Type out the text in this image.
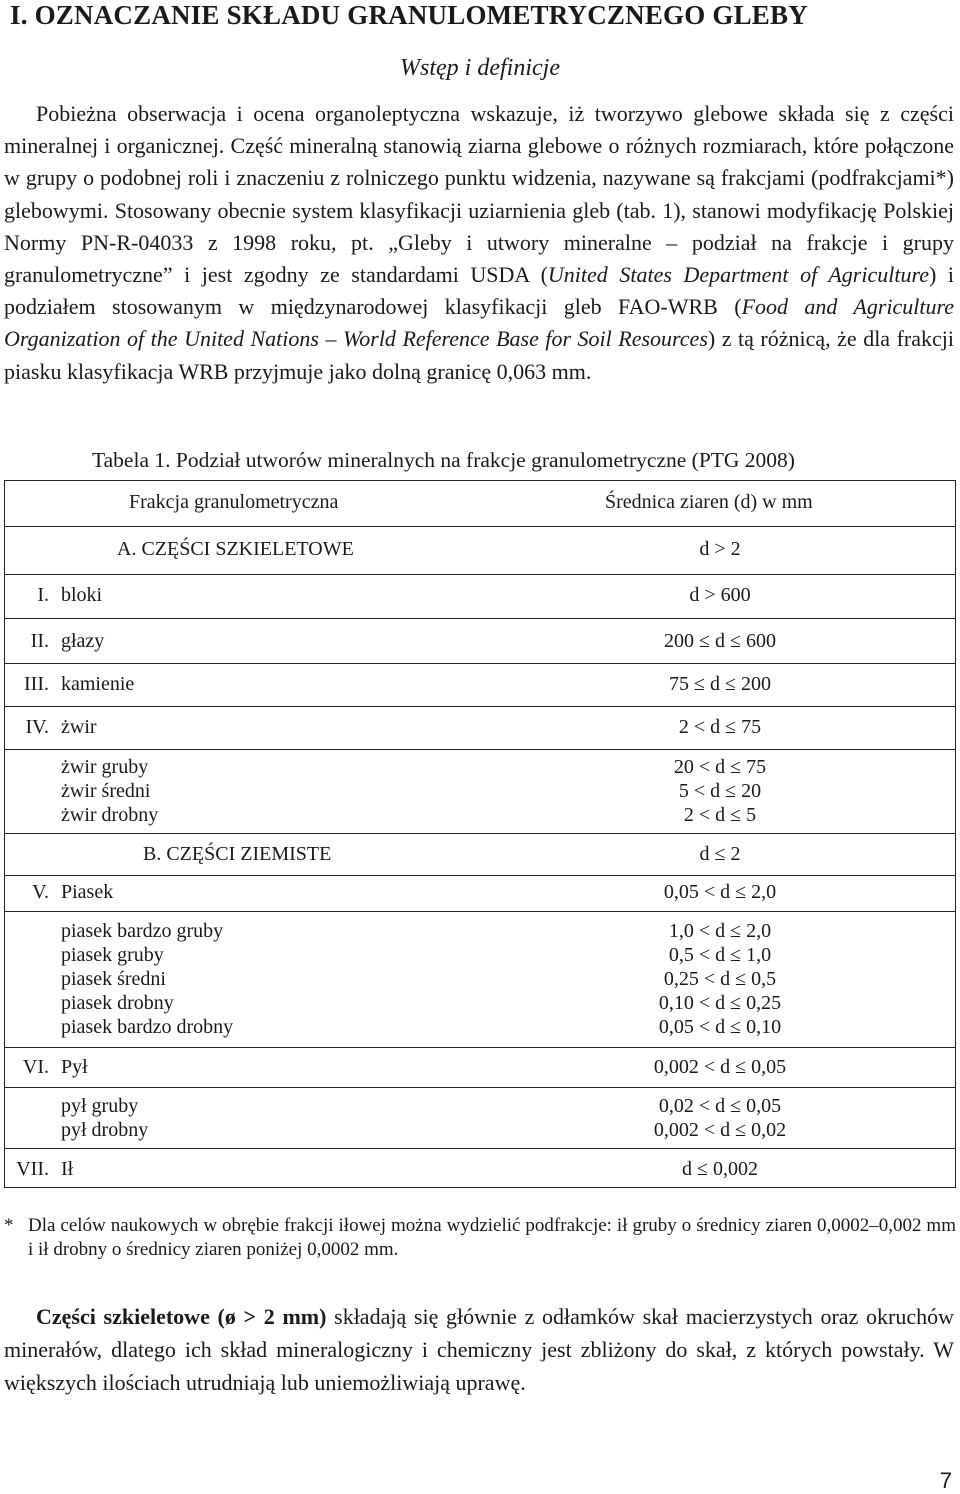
I. OZNACZANIE SKŁADU GRANULOMETRYCZNEGO GLEBY
Wstęp i definicje

Pobieżna obserwacja i ocena organoleptyczna wskazuje, iż tworzywo glebowe składa się z części mineralnej i organicznej. Część mineralną stanowią ziarna glebowe o różnych rozmiarach, które połączone w grupy o podobnej roli i znaczeniu z rolniczego punktu widzenia, nazywane są frakcjami (podfrakcjami*) glebowymi. Stosowany obecnie system klasyfikacji uziarnienia gleb (tab. 1), stanowi modyfikację Polskiej Normy PN-R-04033 z 1998 roku, pt. „Gleby i utwory mineralne – podział na frakcje i grupy granulometryczne” i jest zgodny ze standardami USDA (United States Department of Agriculture) i podziałem stosowanym w międzynarodowej klasyfikacji gleb FAO-WRB (Food and Agriculture Organization of the United Nations – World Reference Base for Soil Resources) z tą różnicą, że dla frakcji piasku klasyfikacja WRB przyjmuje jako dolną granicę 0,063 mm.

Tabela 1. Podział utworów mineralnych na frakcje granulometryczne (PTG 2008)
Frakcja granulometryczna	Średnica ziaren (d) w mm
A. CZĘŚCI SZKIELETOWE	d > 2
I. bloki	d > 600
II. głazy	200 ≤ d ≤ 600
III. kamienie	75 ≤ d ≤ 200
IV. żwir	2 < d ≤ 75
żwir gruby	20 < d ≤ 75
żwir średni	5 < d ≤ 20
żwir drobny	2 < d ≤ 5
B. CZĘŚCI ZIEMISTE	d ≤ 2
V. Piasek	0,05 < d ≤ 2,0
piasek bardzo gruby	1,0 < d ≤ 2,0
piasek gruby	0,5 < d ≤ 1,0
piasek średni	0,25 < d ≤ 0,5
piasek drobny	0,10 < d ≤ 0,25
piasek bardzo drobny	0,05 < d ≤ 0,10
VI. Pył	0,002 < d ≤ 0,05
pył gruby	0,02 < d ≤ 0,05
pył drobny	0,002 < d ≤ 0,02
VII. Ił	d ≤ 0,002
* Dla celów naukowych w obrębie frakcji iłowej można wydzielić podfrakcje: ił gruby o średnicy ziaren 0,0002–0,002 mm i ił drobny o średnicy ziaren poniżej 0,0002 mm.

Części szkieletowe (ø > 2 mm) składają się głównie z odłamków skał macierzystych oraz okruchów minerałów, dlatego ich skład mineralogiczny i chemiczny jest zbliżony do skał, z których powstały. W większych ilościach utrudniają lub uniemożliwiają uprawę.

7
